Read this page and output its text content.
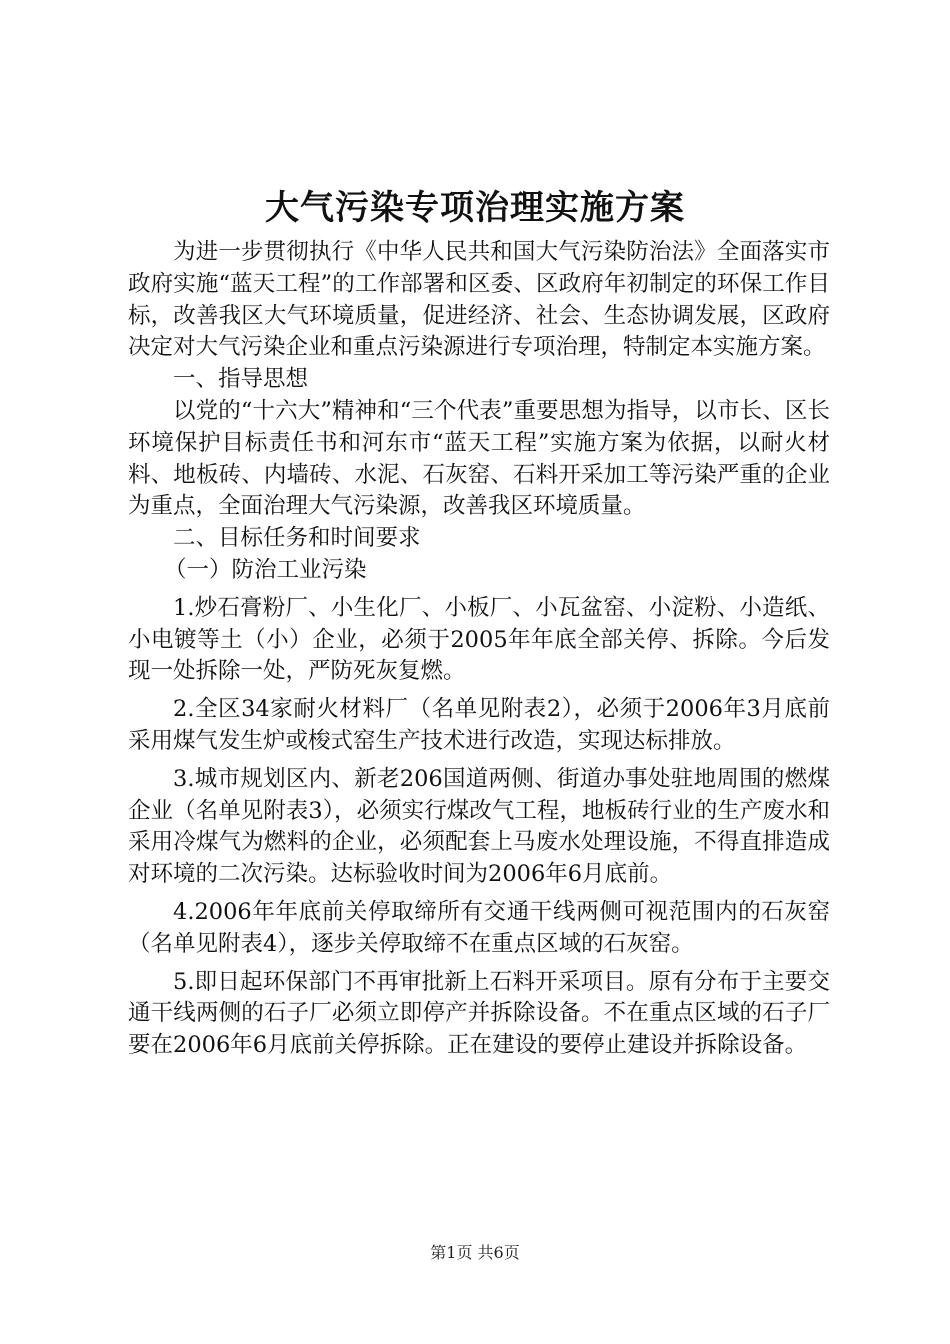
大气污染专项治理实施方案

为进一步贯彻执行《中华人民共和国大气污染防治法》全面落实市政府实施“蓝天工程”的工作部署和区委、区政府年初制定的环保工作目标，改善我区大气环境质量，促进经济、社会、生态协调发展，区政府决定对大气污染企业和重点污染源进行专项治理，特制定本实施方案。

一、指导思想

以党的“十六大”精神和“三个代表”重要思想为指导，以市长、区长环境保护目标责任书和河东市“蓝天工程”实施方案为依据，以耐火材料、地板砖、内墙砖、水泥、石灰窑、石料开采加工等污染严重的企业为重点，全面治理大气污染源，改善我区环境质量。

二、目标任务和时间要求

（一）防治工业污染

1.炒石膏粉厂、小生化厂、小板厂、小瓦盆窑、小淀粉、小造纸、小电镀等土（小）企业，必须于2005年年底全部关停、拆除。今后发现一处拆除一处，严防死灰复燃。

2.全区34家耐火材料厂（名单见附表2），必须于2006年3月底前采用煤气发生炉或梭式窑生产技术进行改造，实现达标排放。

3.城市规划区内、新老206国道两侧、街道办事处驻地周围的燃煤企业（名单见附表3），必须实行煤改气工程，地板砖行业的生产废水和采用冷煤气为燃料的企业，必须配套上马废水处理设施，不得直排造成对环境的二次污染。达标验收时间为2006年6月底前。

4.2006年年底前关停取缔所有交通干线两侧可视范围内的石灰窑（名单见附表4），逐步关停取缔不在重点区域的石灰窑。

5.即日起环保部门不再审批新上石料开采项目。原有分布于主要交通干线两侧的石子厂必须立即停产并拆除设备。不在重点区域的石子厂要在2006年6月底前关停拆除。正在建设的要停止建设并拆除设备。

第1页 共6页
